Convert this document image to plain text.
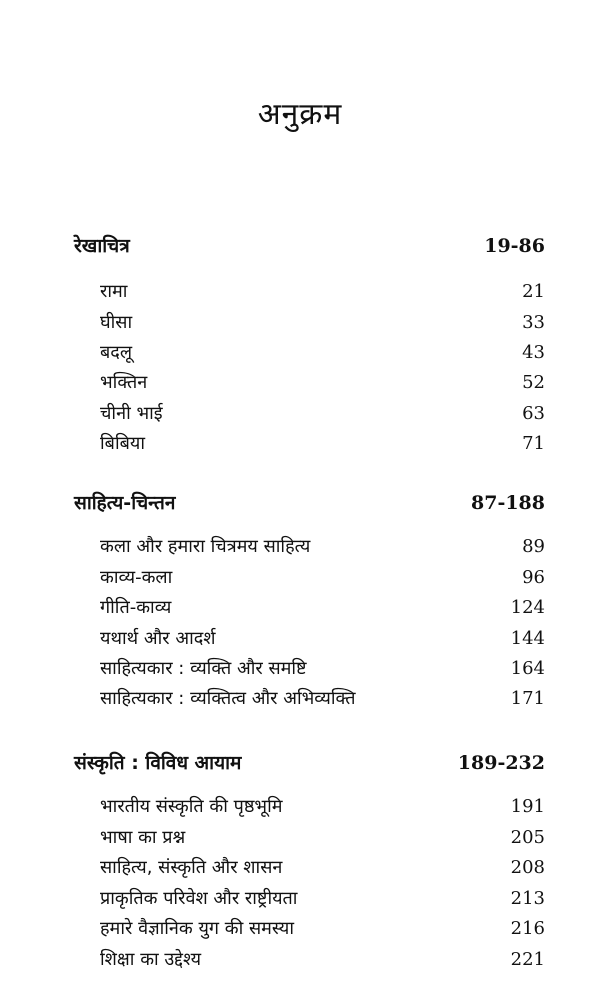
अनुक्रम
रेखाचित्र	19-86
रामा	21
घीसा	33
बदलू	43
भक्तिन	52
चीनी भाई	63
बिबिया	71
साहित्य-चिन्तन	87-188
कला और हमारा चित्रमय साहित्य	89
काव्य-कला	96
गीति-काव्य	124
यथार्थ और आदर्श	144
साहित्यकार : व्यक्ति और समष्टि	164
साहित्यकार : व्यक्तित्व और अभिव्यक्ति	171
संस्कृति : विविध आयाम	189-232
भारतीय संस्कृति की पृष्ठभूमि	191
भाषा का प्रश्न	205
साहित्य, संस्कृति और शासन	208
प्राकृतिक परिवेश और राष्ट्रीयता	213
हमारे वैज्ञानिक युग की समस्या	216
शिक्षा का उद्देश्य	221
